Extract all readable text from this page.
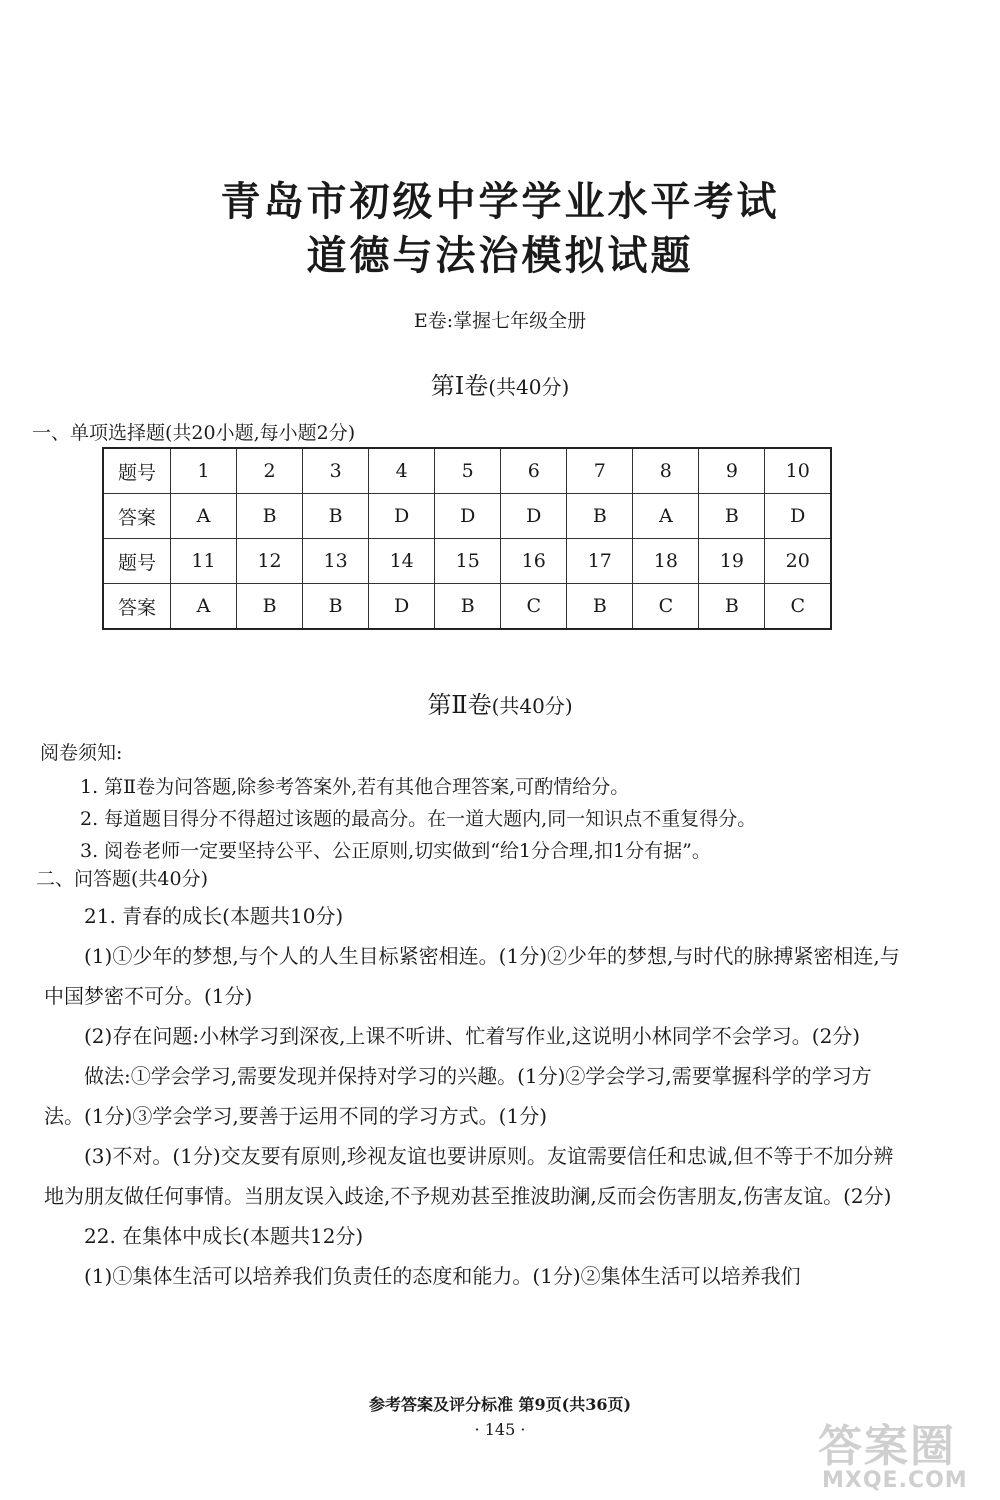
青岛市初级中学学业水平考试
道德与法治模拟试题
E卷:掌握七年级全册
第Ⅰ卷(共40分)
一、单项选择题(共20小题,每小题2分)
题号	1	2	3	4	5	6	7	8	9	10
答案	A	B	B	D	D	D	B	A	B	D
题号	11	12	13	14	15	16	17	18	19	20
答案	A	B	B	D	B	C	B	C	B	C
第Ⅱ卷(共40分)
阅卷须知:
1. 第Ⅱ卷为问答题,除参考答案外,若有其他合理答案,可酌情给分。
2. 每道题目得分不得超过该题的最高分。在一道大题内,同一知识点不重复得分。
3. 阅卷老师一定要坚持公平、公正原则,切实做到“给1分合理,扣1分有据”。
二、问答题(共40分)

21. 青春的成长(本题共10分)

(1)①少年的梦想,与个人的人生目标紧密相连。(1分)②少年的梦想,与时代的脉搏紧密相连,与中国梦密不可分。(1分)

(2)存在问题:小林学习到深夜,上课不听讲、忙着写作业,这说明小林同学不会学习。(2分)

做法:①学会学习,需要发现并保持对学习的兴趣。(1分)②学会学习,需要掌握科学的学习方法。(1分)③学会学习,要善于运用不同的学习方式。(1分)

(3)不对。(1分)交友要有原则,珍视友谊也要讲原则。友谊需要信任和忠诚,但不等于不加分辨地为朋友做任何事情。当朋友误入歧途,不予规劝甚至推波助澜,反而会伤害朋友,伤害友谊。(2分)

22. 在集体中成长(本题共12分)

(1)①集体生活可以培养我们负责任的态度和能力。(1分)②集体生活可以培养我们

参考答案及评分标准 第9页(共36页)
· 145 ·	答案圈
MXQE.COM
